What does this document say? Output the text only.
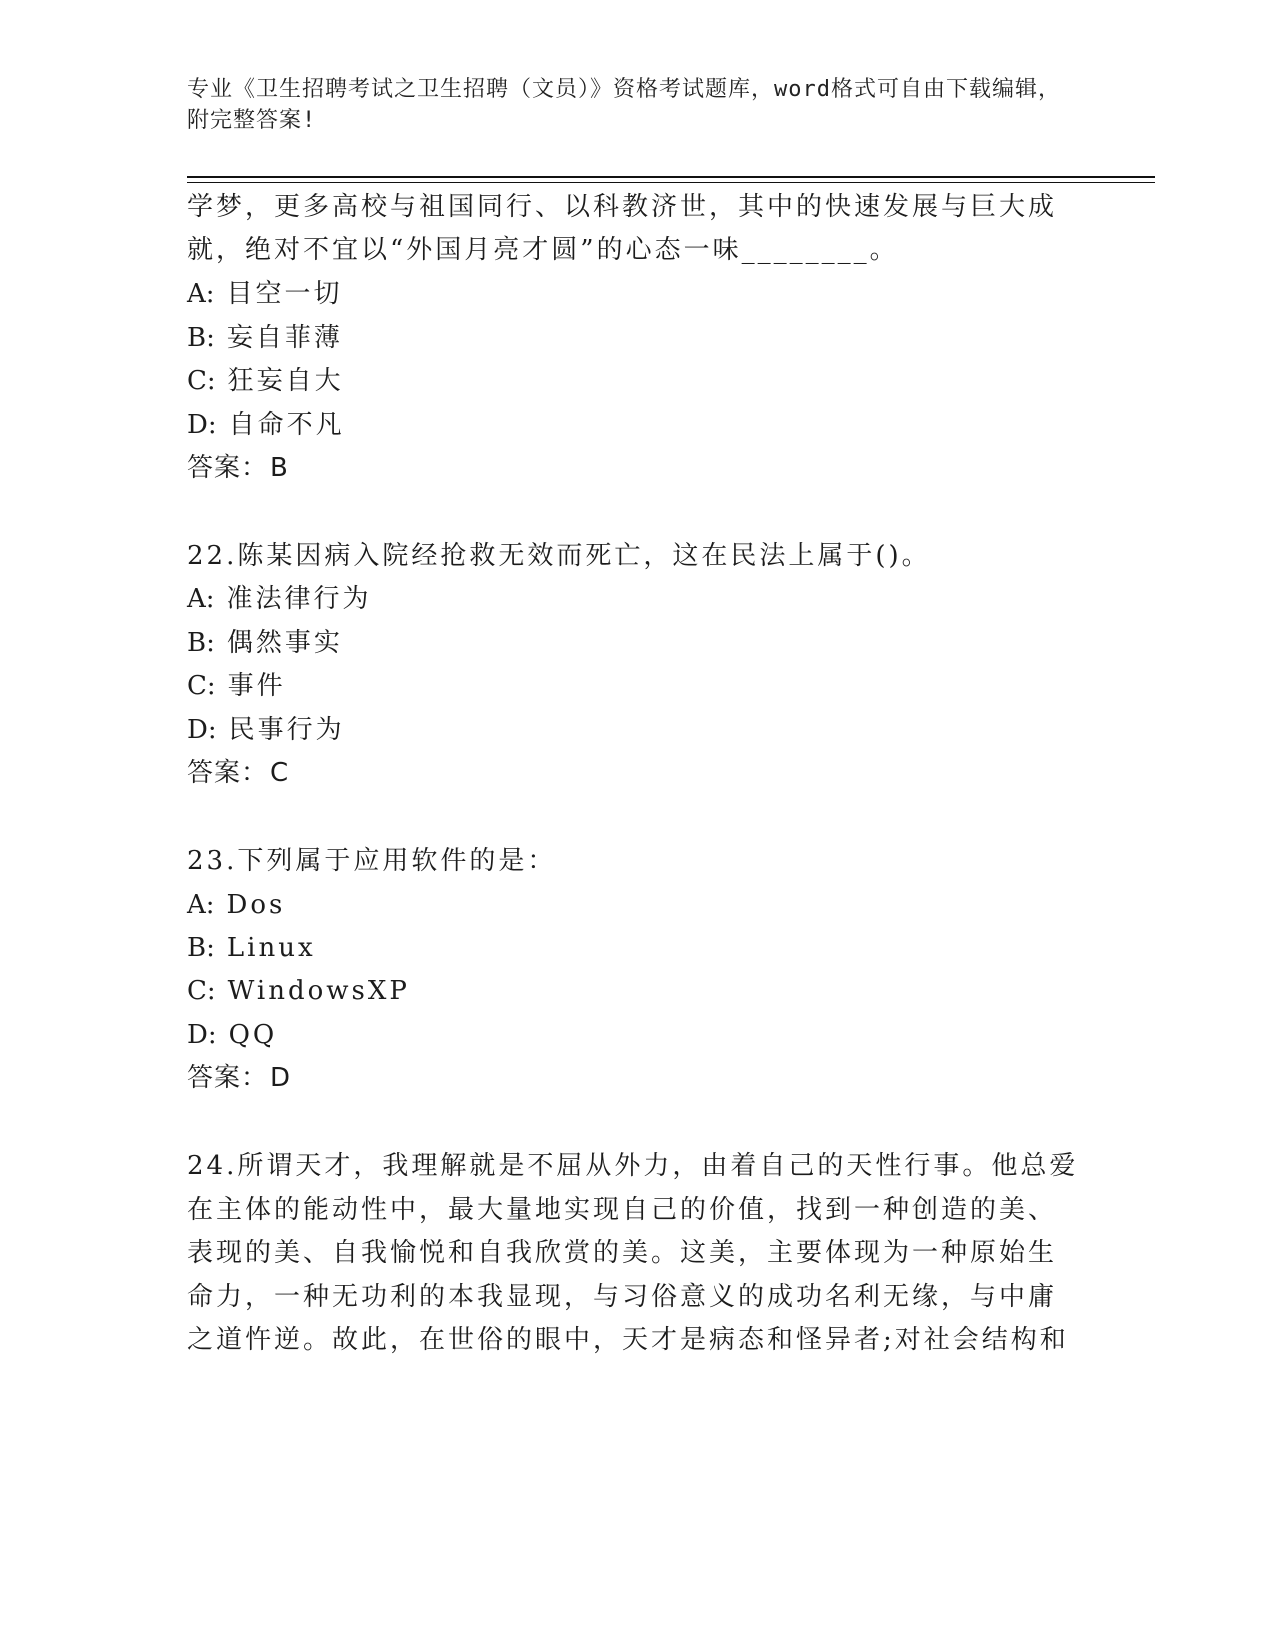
专业《卫生招聘考试之卫生招聘（文员）》资格考试题库，word格式可自由下载编辑，附完整答案!
学梦，更多高校与祖国同行、以科教济世，其中的快速发展与巨大成
就，绝对不宜以“外国月亮才圆”的心态一味________。
A: 目空一切
B: 妄自菲薄
C: 狂妄自大
D: 自命不凡
答案：B
22.陈某因病入院经抢救无效而死亡，这在民法上属于()。
A: 准法律行为
B: 偶然事实
C: 事件
D: 民事行为
答案：C
23.下列属于应用软件的是：
A: Dos
B: Linux
C: WindowsXP
D: QQ
答案：D
24.所谓天才，我理解就是不屈从外力，由着自己的天性行事。他总爱
在主体的能动性中，最大量地实现自己的价值，找到一种创造的美、
表现的美、自我愉悦和自我欣赏的美。这美，主要体现为一种原始生
命力，一种无功利的本我显现，与习俗意义的成功名利无缘，与中庸
之道忤逆。故此，在世俗的眼中，天才是病态和怪异者;对社会结构和
